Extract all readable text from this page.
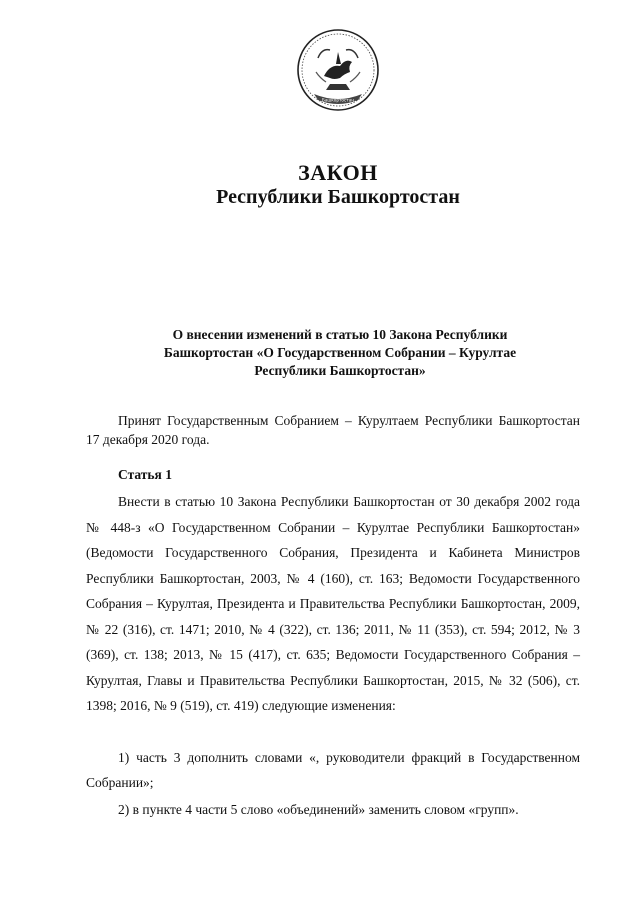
Башкортостан
ЗАКОН
Республики Башкортостан
О внесении изменений в статью 10 Закона Республики
Башкортостан «О Государственном Собрании – Курултае
Республики Башкортостан»

Принят Государственным Собранием – Курултаем Республики Башкортостан 17 декабря 2020 года.

Статья 1

Внести в статью 10 Закона Республики Башкортостан от 30 декабря 2002 года № 448-з «О Государственном Собрании – Курултае Республики Башкортостан» (Ведомости Государственного Собрания, Президента и Кабинета Министров Республики Башкортостан, 2003, № 4 (160), ст. 163; Ведомости Государственного Собрания – Курултая, Президента и Правительства Республики Башкортостан, 2009, № 22 (316), ст. 1471; 2010, № 4 (322), ст. 136; 2011, № 11 (353), ст. 594; 2012, № 3 (369), ст. 138; 2013, № 15 (417), ст. 635; Ведомости Государственного Собрания – Курултая, Главы и Правительства Республики Башкортостан, 2015, № 32 (506), ст. 1398; 2016, № 9 (519), ст. 419) следующие изменения:

1) часть 3 дополнить словами «, руководители фракций в Государственном Собрании»;

2) в пункте 4 части 5 слово «объединений» заменить словом «групп».
